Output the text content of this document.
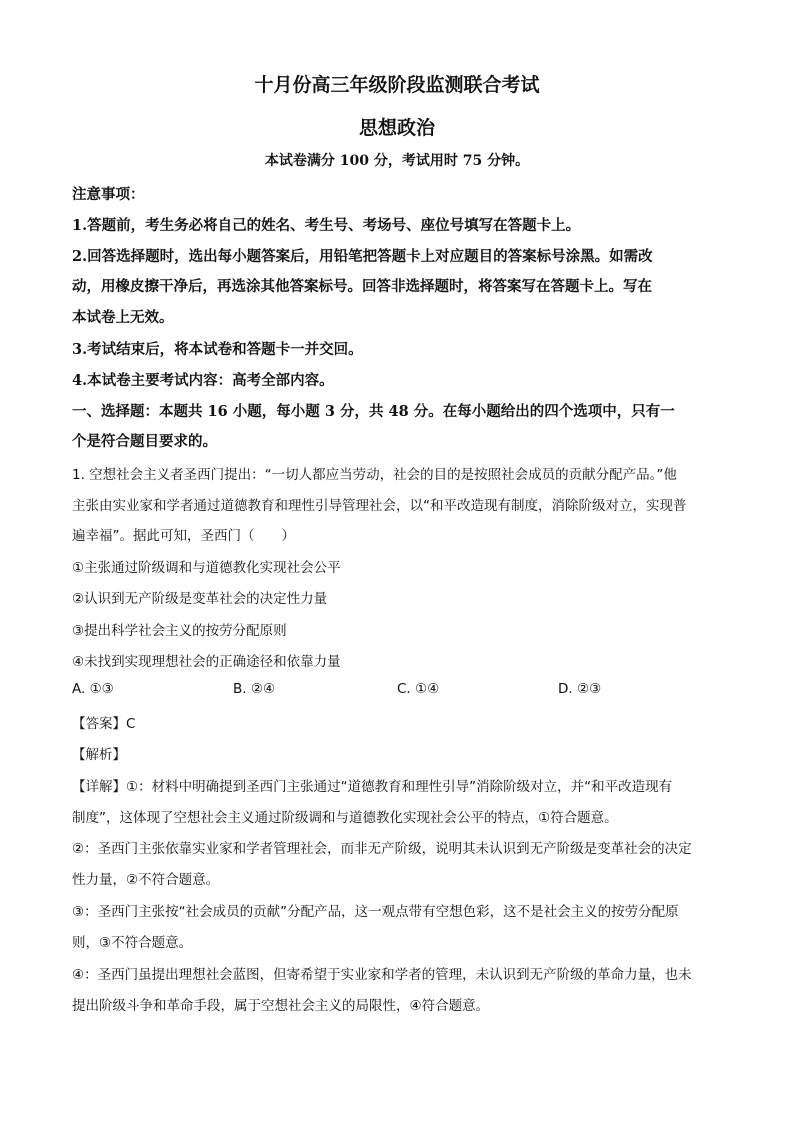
十月份高三年级阶段监测联合考试
思想政治
本试卷满分 100 分，考试用时 75 分钟。
注意事项：
1.答题前，考生务必将自己的姓名、考生号、考场号、座位号填写在答题卡上。
2.回答选择题时，选出每小题答案后，用铅笔把答题卡上对应题目的答案标号涂黑。如需改
动，用橡皮擦干净后，再选涂其他答案标号。回答非选择题时，将答案写在答题卡上。写在
本试卷上无效。
3.考试结束后，将本试卷和答题卡一并交回。
4.本试卷主要考试内容：高考全部内容。
一、选择题：本题共 16 小题，每小题 3 分，共 48 分。在每小题给出的四个选项中，只有一
个是符合题目要求的。
1. 空想社会主义者圣西门提出：“一切人都应当劳动，社会的目的是按照社会成员的贡献分配产品。”他
主张由实业家和学者通过道德教育和理性引导管理社会，以“和平改造现有制度，消除阶级对立，实现普
遍幸福”。据此可知，圣西门（　　）
①主张通过阶级调和与道德教化实现社会公平
②认识到无产阶级是变革社会的决定性力量
③提出科学社会主义的按劳分配原则
④未找到实现理想社会的正确途径和依靠力量
A. ①③	B. ②④	C. ①④	D. ②③
【答案】C
【解析】
【详解】①：材料中明确提到圣西门主张通过“道德教育和理性引导”消除阶级对立，并“和平改造现有
制度”，这体现了空想社会主义通过阶级调和与道德教化实现社会公平的特点，①符合题意。
②：圣西门主张依靠实业家和学者管理社会，而非无产阶级，说明其未认识到无产阶级是变革社会的决定
性力量，②不符合题意。
③：圣西门主张按“社会成员的贡献”分配产品，这一观点带有空想色彩，这不是社会主义的按劳分配原
则，③不符合题意。
④：圣西门虽提出理想社会蓝图，但寄希望于实业家和学者的管理，未认识到无产阶级的革命力量，也未
提出阶级斗争和革命手段，属于空想社会主义的局限性，④符合题意。
